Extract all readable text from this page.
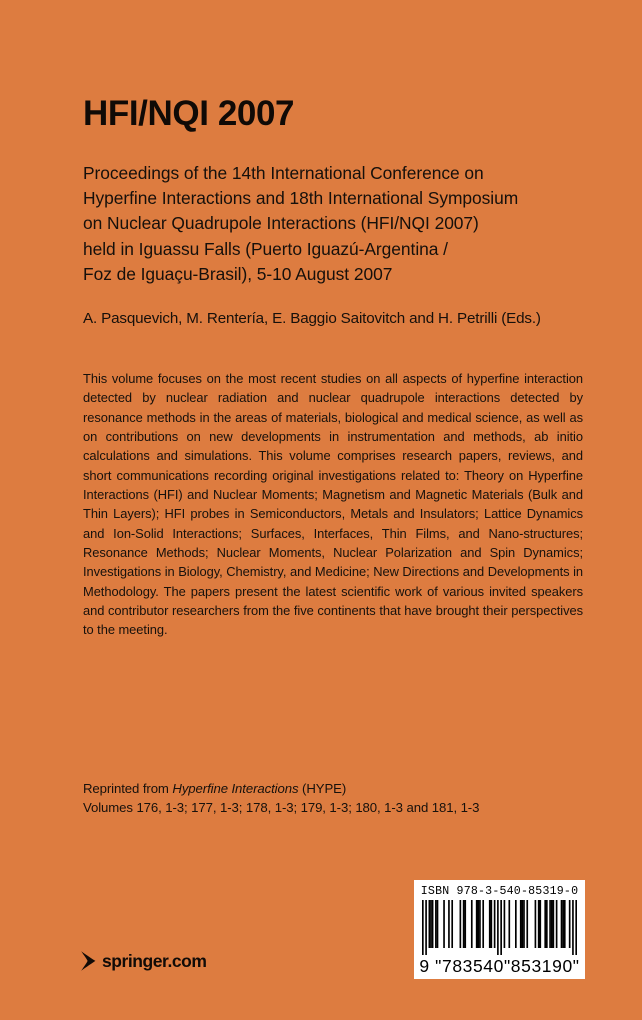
HFI/NQI 2007
Proceedings of the 14th International Conference on
Hyperfine Interactions and 18th International Symposium
on Nuclear Quadrupole Interactions (HFI/NQI 2007)
held in Iguassu Falls (Puerto Iguazú-Argentina /
Foz de Iguaçu-Brasil), 5-10 August 2007
A. Pasquevich, M. Rentería, E. Baggio Saitovitch and H. Petrilli (Eds.)
This volume focuses on the most recent studies on all aspects of hyperfine interaction detected by nuclear radiation and nuclear quadrupole interactions detected by resonance methods in the areas of materials, biological and medical science, as well as on contributions on new developments in instrumentation and methods, ab initio calculations and simulations. This volume comprises research papers, reviews, and short communications recording original investigations related to: Theory on Hyperfine Interactions (HFI) and Nuclear Moments; Magnetism and Magnetic Materials (Bulk and Thin Layers); HFI probes in Semiconductors, Metals and Insulators; Lattice Dynamics and Ion-Solid Interactions; Surfaces, Interfaces, Thin Films, and Nano-structures; Resonance Methods; Nuclear Moments, Nuclear Polarization and Spin Dynamics; Investigations in Biology, Chemistry, and Medicine; New Directions and Developments in Methodology. The papers present the latest scientific work of various invited speakers and contributor researchers from the five continents that have brought their perspectives to the meeting.
Reprinted from Hyperfine Interactions (HYPE)
Volumes 176, 1-3; 177, 1-3; 178, 1-3; 179, 1-3; 180, 1-3 and 181, 1-3
springer.com
ISBN 978-3-540-85319-0
9 "783540"853190"
